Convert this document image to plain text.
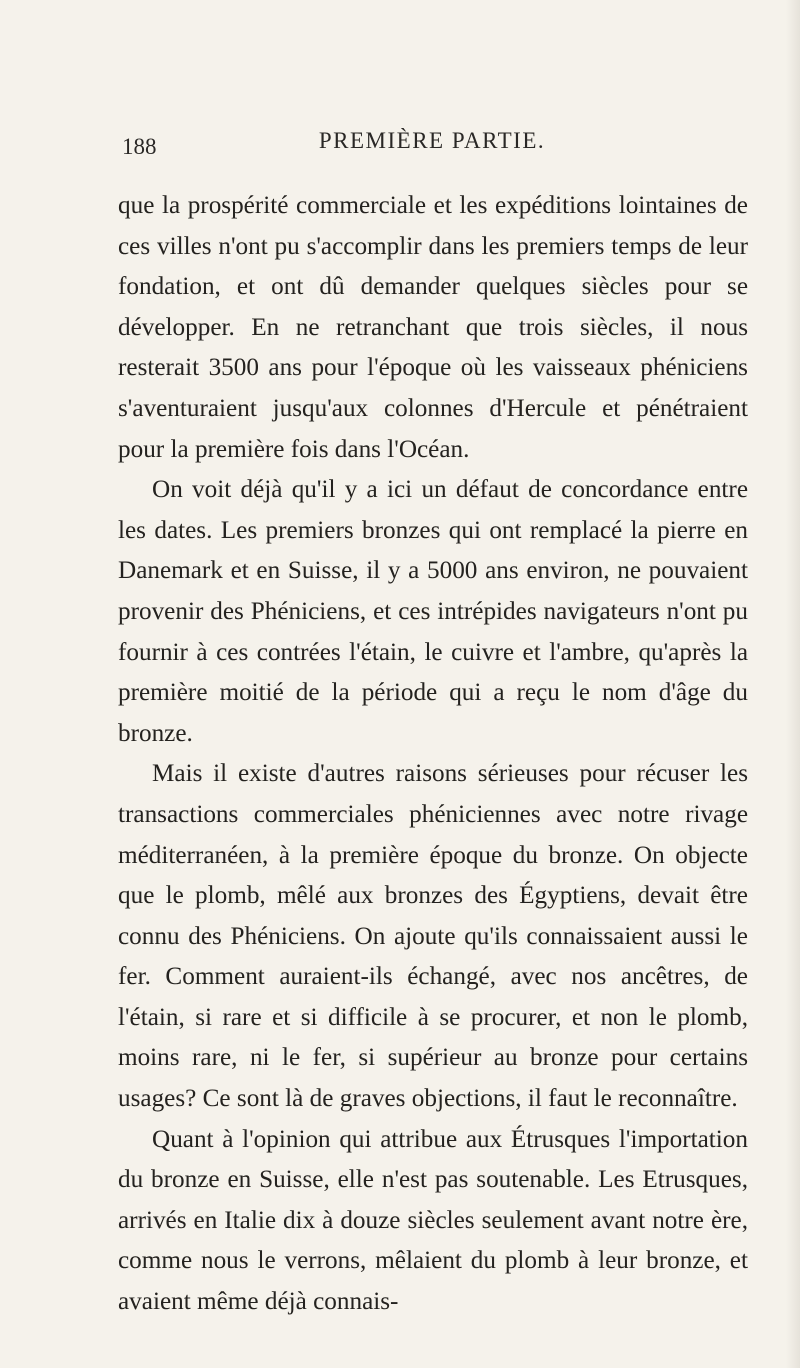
188	PREMIÈRE PARTIE.

que la prospérité commerciale et les expéditions lointaines de ces villes n'ont pu s'accomplir dans les premiers temps de leur fondation, et ont dû demander quelques siècles pour se développer. En ne retranchant que trois siècles, il nous resterait 3500 ans pour l'époque où les vaisseaux phéniciens s'aventuraient jusqu'aux colonnes d'Hercule et pénétraient pour la première fois dans l'Océan.

On voit déjà qu'il y a ici un défaut de concordance entre les dates. Les premiers bronzes qui ont remplacé la pierre en Danemark et en Suisse, il y a 5000 ans environ, ne pouvaient provenir des Phéniciens, et ces intrépides navigateurs n'ont pu fournir à ces contrées l'étain, le cuivre et l'ambre, qu'après la première moitié de la période qui a reçu le nom d'âge du bronze.

Mais il existe d'autres raisons sérieuses pour récuser les transactions commerciales phéniciennes avec notre rivage méditerranéen, à la première époque du bronze. On objecte que le plomb, mêlé aux bronzes des Égyptiens, devait être connu des Phéniciens. On ajoute qu'ils connaissaient aussi le fer. Comment auraient-ils échangé, avec nos ancêtres, de l'étain, si rare et si difficile à se procurer, et non le plomb, moins rare, ni le fer, si supérieur au bronze pour certains usages? Ce sont là de graves objections, il faut le reconnaître.

Quant à l'opinion qui attribue aux Étrusques l'importation du bronze en Suisse, elle n'est pas soutenable. Les Etrusques, arrivés en Italie dix à douze siècles seulement avant notre ère, comme nous le verrons, mêlaient du plomb à leur bronze, et avaient même déjà connais-
